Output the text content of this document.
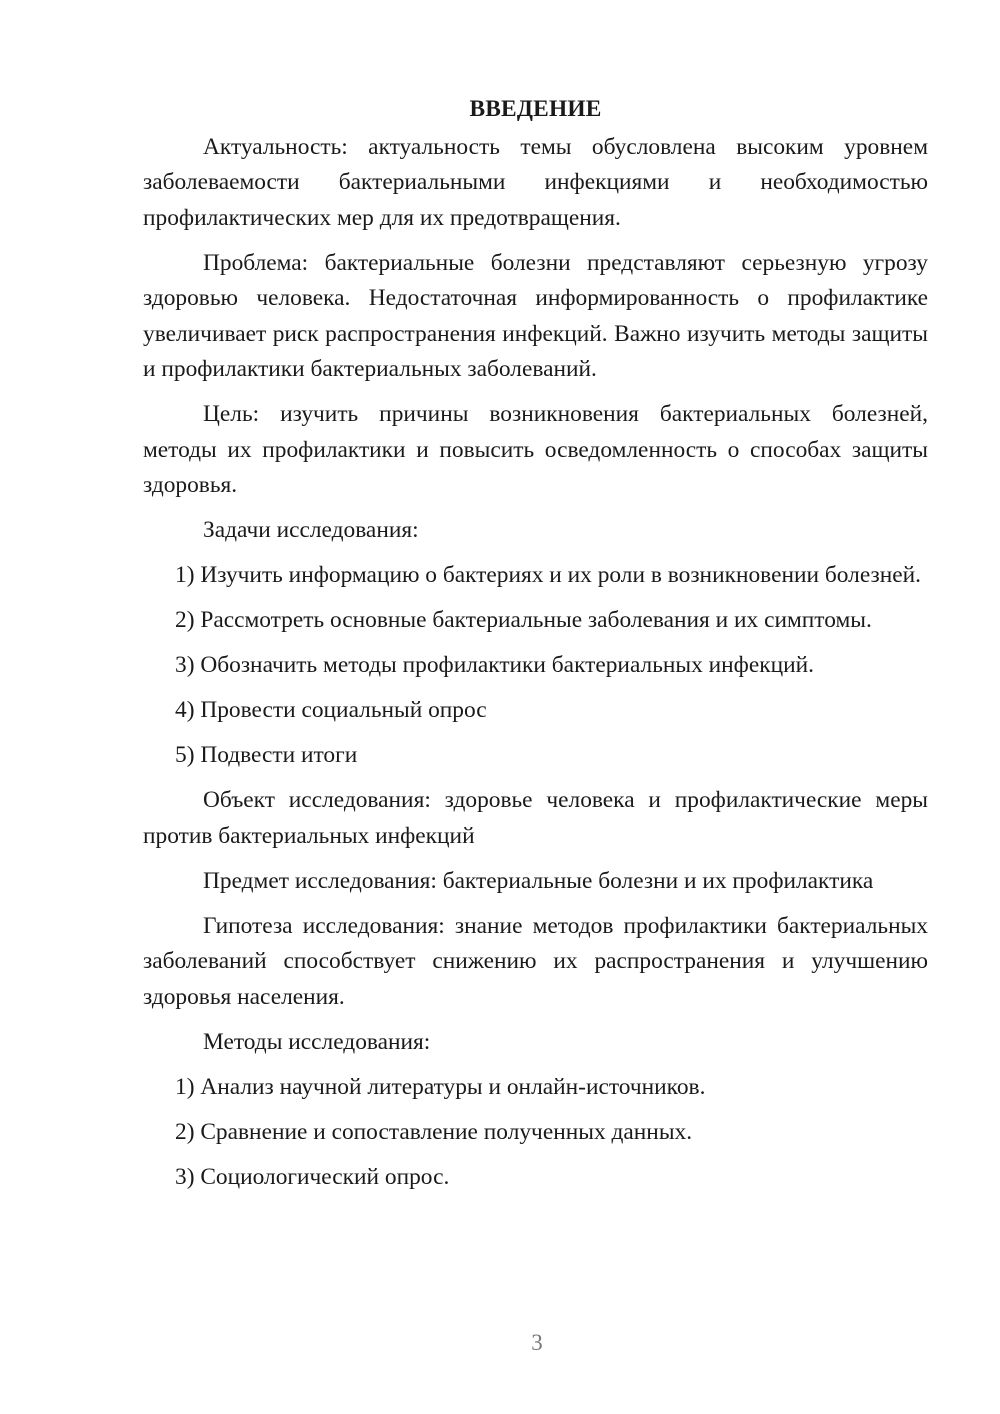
ВВЕДЕНИЕ
Актуальность: актуальность темы обусловлена высоким уровнем заболеваемости бактериальными инфекциями и необходимостью профилактических мер для их предотвращения.
Проблема: бактериальные болезни представляют серьезную угрозу здоровью человека. Недостаточная информированность о профилактике увеличивает риск распространения инфекций. Важно изучить методы защиты и профилактики бактериальных заболеваний.
Цель: изучить причины возникновения бактериальных болезней, методы их профилактики и повысить осведомленность о способах защиты здоровья.
Задачи исследования:
1) Изучить информацию о бактериях и их роли в возникновении болезней.
2) Рассмотреть основные бактериальные заболевания и их симптомы.
3) Обозначить методы профилактики бактериальных инфекций.
4) Провести социальный опрос
5) Подвести итоги
Объект исследования: здоровье человека и профилактические меры против бактериальных инфекций
Предмет исследования: бактериальные болезни и их профилактика
Гипотеза исследования: знание методов профилактики бактериальных заболеваний способствует снижению их распространения и улучшению здоровья населения.
Методы исследования:
1) Анализ научной литературы и онлайн-источников.
2) Сравнение и сопоставление полученных данных.
3) Социологический опрос.
3
